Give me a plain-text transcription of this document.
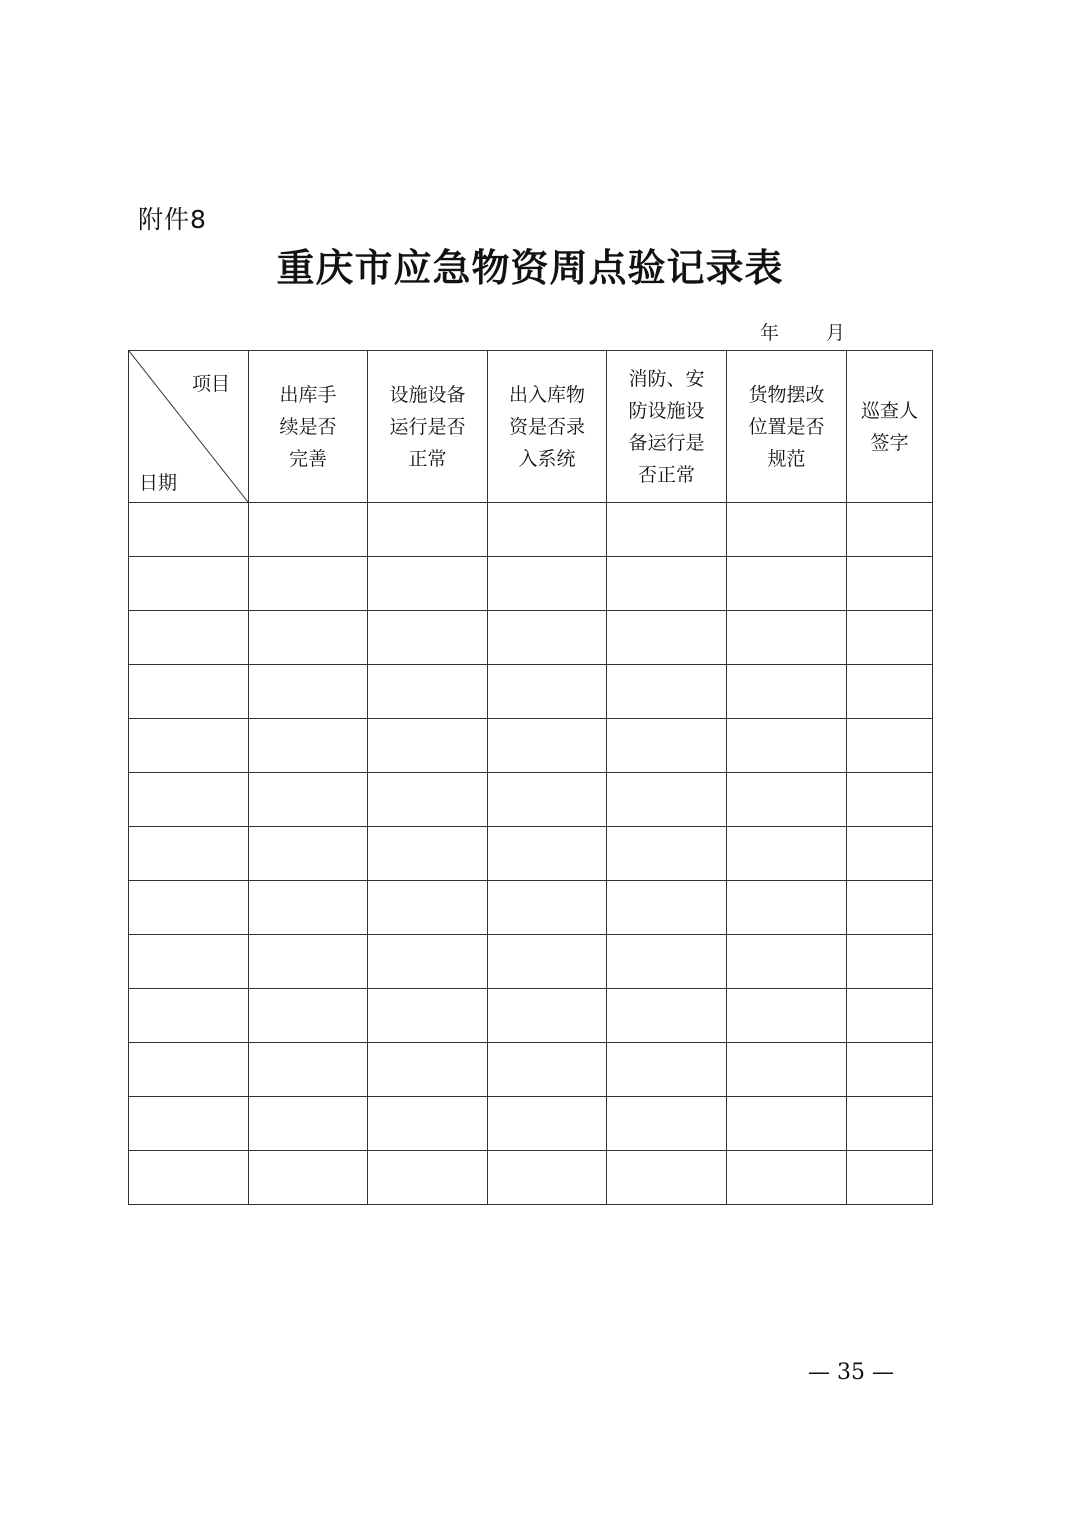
附件8
重庆市应急物资周点验记录表
年 月
项目
日期	出库手续是否完善	设施设备运行是否正常	出入库物资是否录入系统	消防、安防设施设备运行是否正常	货物摆改位置是否规范	巡查人签字

— 35 —
